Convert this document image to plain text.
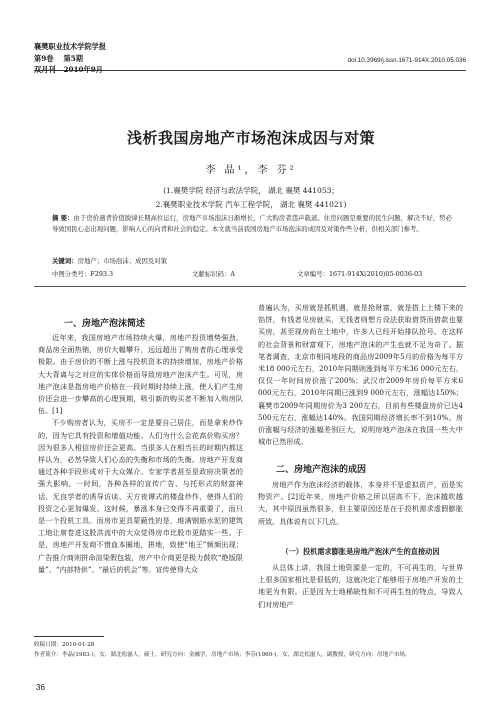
襄樊职业技术学院学报
第9卷 第5期
双月刊 2010年9月
doi:10.3969/j.issn.1671-914X.2010.05.036
浅析我国房地产市场泡沫成因与对策
李 晶¹，李 芬²
(1.襄樊学院 经济与政法学院， 湖北 襄樊 441053；
2.襄樊职业技术学院 汽车工程学院， 湖北 襄樊 441021)
摘 要：由于房价過背价值脱律长期高位运行，房地产市场泡沫日渐增长，广大购房者怨声载道。住房问题是重要的民生问题，解决不好，势必导致国民心态出现问题，影响人心的向背和社会的稳定。本文就当前我国房地产市场泡沫的成因及对策作些分析，供相关部门参考。
关键词：房地产；市场泡沫；成因及对策
中图分类号：F293.3	文献标识码：A	文章编号：1671-914X(2010)05-0036-03
一、房地产泡沫简述

近年来，我国房地产市场持续火爆，房地产投资增势强劲，商品房全面热销，房价大幅攀升，远远超出了购房者的心理承受极限。由于房价的不断上涨与投机资本的持续增加，房地产价格大大背离与之对应的实体价格而导致房地产泡沫产生。可见，房地产泡沫是指房地产价格在一段时期时持续上涨，使人们产生房价还会进一步攀高的心理预期，吸引新的购买者不断加入购房队伍。[1]

不少购房者认为，买房不一定是要自己居住，而是拿来炒作的，因为它具有投资和增值功能。人们为什么会花高价购买房？因为很多人相信房价还会更高。当很多人在相当长的时期内都这样认为，必然导致人们心态的失衡和市场的失衡。房地产开发商通过各种手段形成对于大众媒介、专家学者甚至是政府决策者的强大影响。一时间，各种各样的宣传广告、与托形式的财富神话、无良学者的诱导访谈、天方夜谭式的楼盘炒作，使得人们的投资之心更加爆发。这时候，暴涨本身已变得不再重要了，而只是一个投机工具。而房市更具蒙蔽性的是，堆满钢筋水泥的建筑工地让席卷进这股洪流中的大众觉得房市比股市更踏实一些。于是，房地产开发商不惜血本圈地，拼地，致使“地王”频频出现；广告推介商则拼命渲染假包装，房产中介商更是极力鼓吹“绝版限量”、“内部特供”、“最后的机会”等。宣传使得大众

普遍认为，买房就是抓机遇，就是抢财富，就是搭上上楼下来的馅饼，有钱者见房就买，无钱者则想方设法获取借贷而借款也要买房，甚至现房尚在土地中，许多人已经开始排队抢号。在这样的社会背景和财富观下，房地产泡沫的产生也就不足为奇了。据笔者调查，北京市相同地段的商品房2009年5月的价格为每平方米18 000元左右，2010年同期则涨到每平方米36 000元左右，仅仅一年时间房价涨了200%；武汉市2009年房价每平方米6 000元左右，2010年同期已涨到9 000元左右，涨幅达150%；襄樊市2009年同期房价为3 200左右，目前有些楼盘房价已达4 500元左右，涨幅达140%。我国同期经济增长率不到10%。房价涨幅与经济的涨幅差别巨大，说明房地产泡沫在我国一些大中城市已然形成。

二、房地产泡沫的成因

房地产作为泡沫经济的载体，本身并不是虚拟资产，而是实物资产。[2]近年来，房地产价格之所以居高不下，泡沫越吹越大，其中原因虽然很多，但主要原因还是在于投机需求虚假膨胀所致。具体说有以下几点。

（一）投机需求膨胀是房地产泡沫产生的直接动因

从总体上讲，我国土地资源是一定的，不可再生的，与世界上很多国家相比是很低的，这就决定了能够用于房地产开发的土地更为有限。正是因为土地稀缺性和不可再生性的特点，导致人们对房地产

收稿日期：2010-01-28
作者简介：李晶(1983-)，女，湖北松滋人，硕士，研究方向：金融学，房地产市场；李芬(1960-)，女，湖北松滋人，副教授，研究方向：房地产市场。
36
